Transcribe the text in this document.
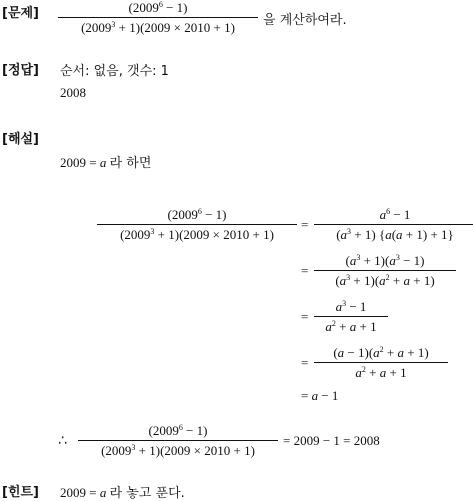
[문제]	$(2009^6 - 1)$
$(2009^3 + 1)(2009 \times 2010 + 1)$	을 계산하여라.
[정답] 순서: 없음, 갯수: 1
2008
[해설]
2009 = a 라 하면
$(2009^6 - 1)$
$(2009^3 + 1)(2009 \times 2010 + 1)$
=
$a^6 - 1$
$(a^3 + 1) \{a(a + 1) + 1\}$
=
$(a^3 + 1)(a^3 - 1)$
$(a^3 + 1)(a^2 + a + 1)$
=
$a^3 - 1$
$a^2 + a + 1$
=
$(a - 1)(a^2 + a + 1)$
$a^2 + a + 1$
= a − 1
∴
$(2009^6 - 1)$
$(2009^3 + 1)(2009 \times 2010 + 1)$
= 2009 − 1 = 2008
[힌트] 2009 = a 라 놓고 푼다.
